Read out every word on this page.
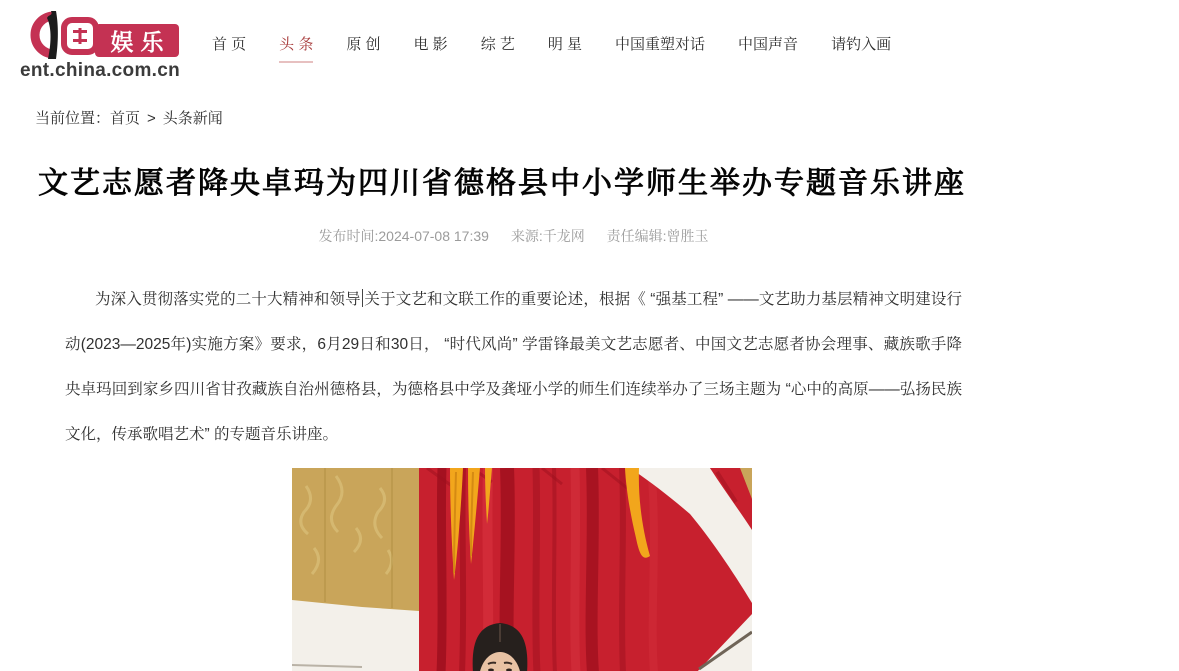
娱乐
ent.china.com.cn
首 页 头 条 原 创 电 影 综 艺 明 星 中国重塑对话 中国声音 请钓入画
当前位置：首页 > 头条新闻
文艺志愿者降央卓玛为四川省德格县中小学师生举办专题音乐讲座
发布时间:2024-07-08 17:39 来源:千龙网 责任编辑:曾胜玉

为深入贯彻落实党的二十大精神和领导 关于文艺和文联工作的重要论述，根据《 “强基工程” ——文艺助力基层精神文明建设行动(2023—2025年)实施方案》要求，6月29日和30日， “时代风尚” 学雷锋最美文艺志愿者、中国文艺志愿者协会理事、藏族歌手降央卓玛回到家乡四川省甘孜藏族自治州德格县，为德格县中学及龚垭小学的师生们连续举办了三场主题为 “心中的高原——弘扬民族文化，传承歌唱艺术” 的专题音乐讲座。
